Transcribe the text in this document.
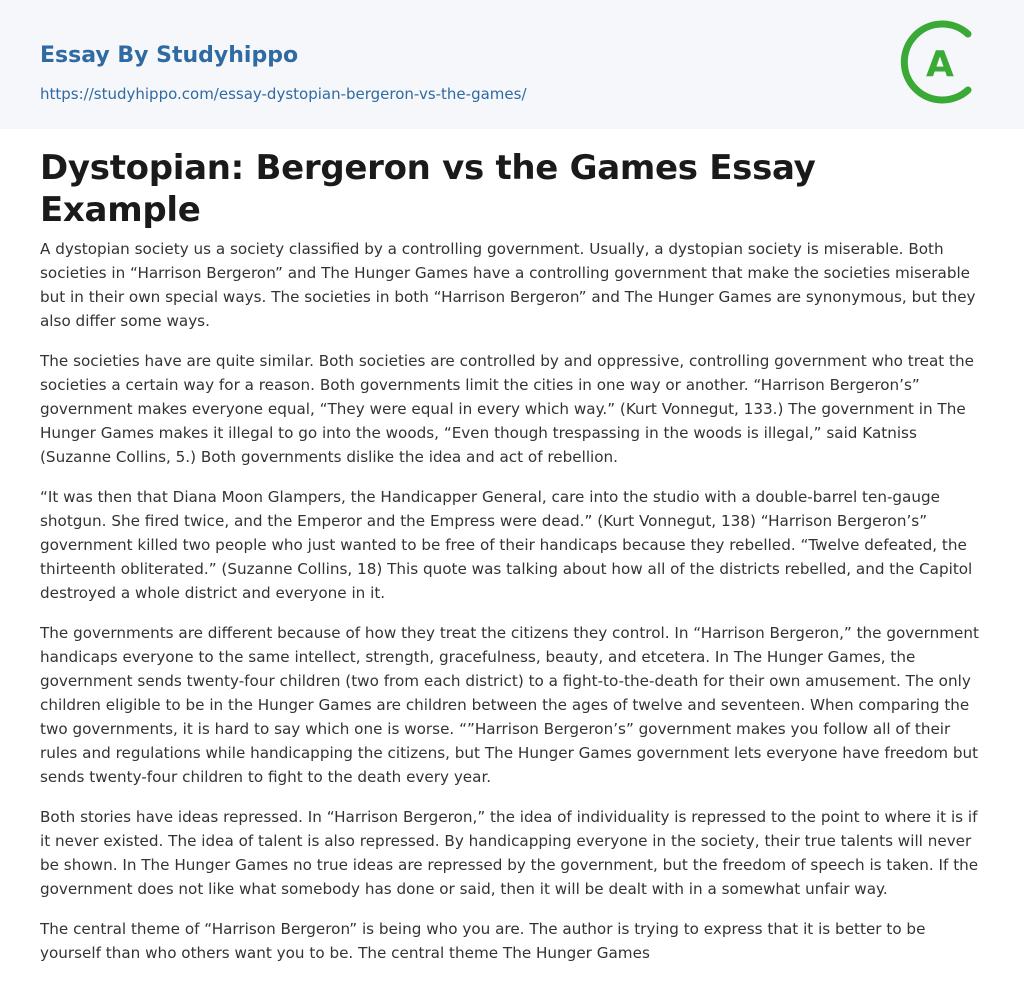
Essay By Studyhippo
https://studyhippo.com/essay-dystopian-bergeron-vs-the-games/
A
Dystopian: Bergeron vs the Games Essay Example

A dystopian society us a society classified by a controlling government. Usually, a dystopian society is miserable. Both societies in “Harrison Bergeron” and The Hunger Games have a controlling government that make the societies miserable but in their own special ways. The societies in both “Harrison Bergeron” and The Hunger Games are synonymous, but they also differ some ways.

The societies have are quite similar. Both societies are controlled by and oppressive, controlling government who treat the societies a certain way for a reason. Both governments limit the cities in one way or another. “Harrison Bergeron’s” government makes everyone equal, “They were equal in every which way.” (Kurt Vonnegut, 133.) The government in The Hunger Games makes it illegal to go into the woods, “Even though trespassing in the woods is illegal,” said Katniss (Suzanne Collins, 5.) Both governments dislike the idea and act of rebellion.

“It was then that Diana Moon Glampers, the Handicapper General, care into the studio with a double-barrel ten-gauge shotgun. She fired twice, and the Emperor and the Empress were dead.” (Kurt Vonnegut, 138) “Harrison Bergeron’s” government killed two people who just wanted to be free of their handicaps because they rebelled. “Twelve defeated, the thirteenth obliterated.” (Suzanne Collins, 18) This quote was talking about how all of the districts rebelled, and the Capitol destroyed a whole district and everyone in it.

The governments are different because of how they treat the citizens they control. In “Harrison Bergeron,” the government handicaps everyone to the same intellect, strength, gracefulness, beauty, and etcetera. In The Hunger Games, the government sends twenty-four children (two from each district) to a fight-to-the-death for their own amusement. The only children eligible to be in the Hunger Games are children between the ages of twelve and seventeen. When comparing the two governments, it is hard to say which one is worse. “”Harrison Bergeron’s” government makes you follow all of their rules and regulations while handicapping the citizens, but The Hunger Games government lets everyone have freedom but sends twenty-four children to fight to the death every year.

Both stories have ideas repressed. In “Harrison Bergeron,” the idea of individuality is repressed to the point to where it is if it never existed. The idea of talent is also repressed. By handicapping everyone in the society, their true talents will never be shown. In The Hunger Games no true ideas are repressed by the government, but the freedom of speech is taken. If the government does not like what somebody has done or said, then it will be dealt with in a somewhat unfair way.

The central theme of “Harrison Bergeron” is being who you are. The author is trying to express that it is better to be yourself than who others want you to be. The central theme The Hunger Games
